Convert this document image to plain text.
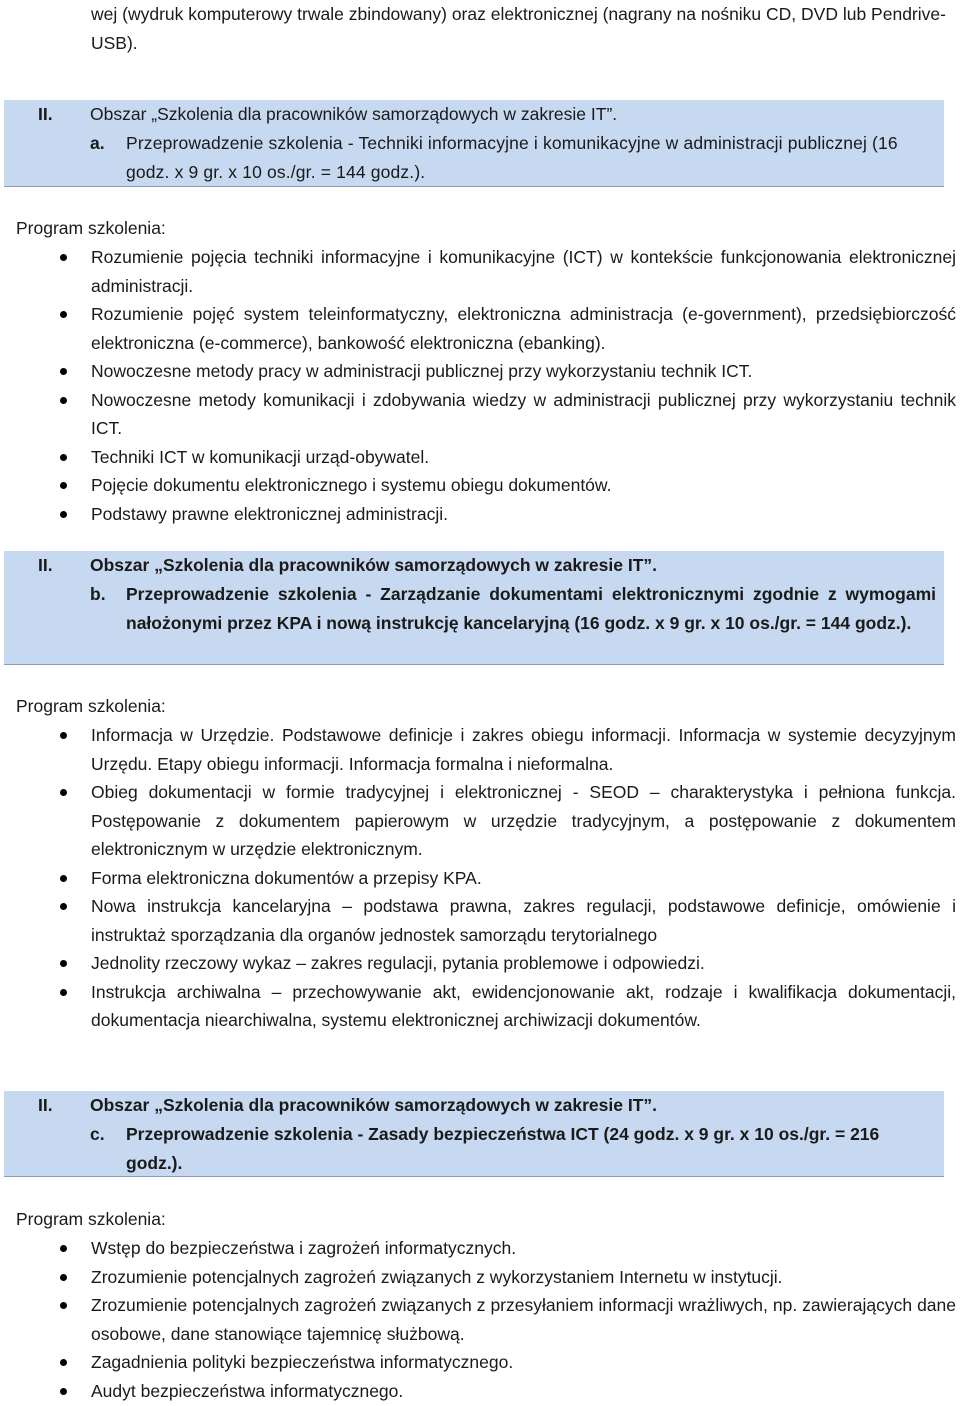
wej (wydruk komputerowy trwale zbindowany) oraz elektronicznej (nagrany na nośniku CD, DVD lub Pendrive-USB).
II. Obszar „Szkolenia dla pracowników samorządowych w zakresie IT”.
a. Przeprowadzenie szkolenia - Techniki informacyjne i komunikacyjne w administracji publicznej (16 godz. x 9 gr. x 10 os./gr. = 144 godz.).
Program szkolenia:
Rozumienie pojęcia techniki informacyjne i komunikacyjne (ICT) w kontekście funkcjonowania elektronicznej administracji.
Rozumienie pojęć system teleinformatyczny, elektroniczna administracja (e-government), przedsiębiorczość elektroniczna (e-commerce), bankowość elektroniczna (ebanking).
Nowoczesne metody pracy w administracji publicznej przy wykorzystaniu technik ICT.
Nowoczesne metody komunikacji i zdobywania wiedzy w administracji publicznej przy wykorzystaniu technik ICT.
Techniki ICT w komunikacji urząd-obywatel.
Pojęcie dokumentu elektronicznego i systemu obiegu dokumentów.
Podstawy prawne elektronicznej administracji.
II. Obszar „Szkolenia dla pracowników samorządowych w zakresie IT”.
b. Przeprowadzenie szkolenia - Zarządzanie dokumentami elektronicznymi zgodnie z wymogami nałożonymi przez KPA i nową instrukcję kancelaryjną (16 godz. x 9 gr. x 10 os./gr. = 144 godz.).
Program szkolenia:
Informacja w Urzędzie. Podstawowe definicje i zakres obiegu informacji. Informacja w systemie decyzyjnym Urzędu. Etapy obiegu informacji. Informacja formalna i nieformalna.
Obieg dokumentacji w formie tradycyjnej i elektronicznej - SEOD – charakterystyka i pełniona funkcja. Postępowanie z dokumentem papierowym w urzędzie tradycyjnym, a postępowanie z dokumentem elektronicznym w urzędzie elektronicznym.
Forma elektroniczna dokumentów a przepisy KPA.
Nowa instrukcja kancelaryjna – podstawa prawna, zakres regulacji, podstawowe definicje, omówienie i instruktaż sporządzania dla organów jednostek samorządu terytorialnego
Jednolity rzeczowy wykaz – zakres regulacji, pytania problemowe i odpowiedzi.
Instrukcja archiwalna – przechowywanie akt, ewidencjonowanie akt, rodzaje i kwalifikacja dokumentacji, dokumentacja niearchiwalna, systemu elektronicznej archiwizacji dokumentów.
II. Obszar „Szkolenia dla pracowników samorządowych w zakresie IT”.
c. Przeprowadzenie szkolenia - Zasady bezpieczeństwa ICT (24 godz. x 9 gr. x 10 os./gr. = 216 godz.).
Program szkolenia:
Wstęp do bezpieczeństwa i zagrożeń informatycznych.
Zrozumienie potencjalnych zagrożeń związanych z wykorzystaniem Internetu w instytucji.
Zrozumienie potencjalnych zagrożeń związanych z przesyłaniem informacji wrażliwych, np. zawierających dane osobowe, dane stanowiące tajemnicę służbową.
Zagadnienia polityki bezpieczeństwa informatycznego.
Audyt bezpieczeństwa informatycznego.
